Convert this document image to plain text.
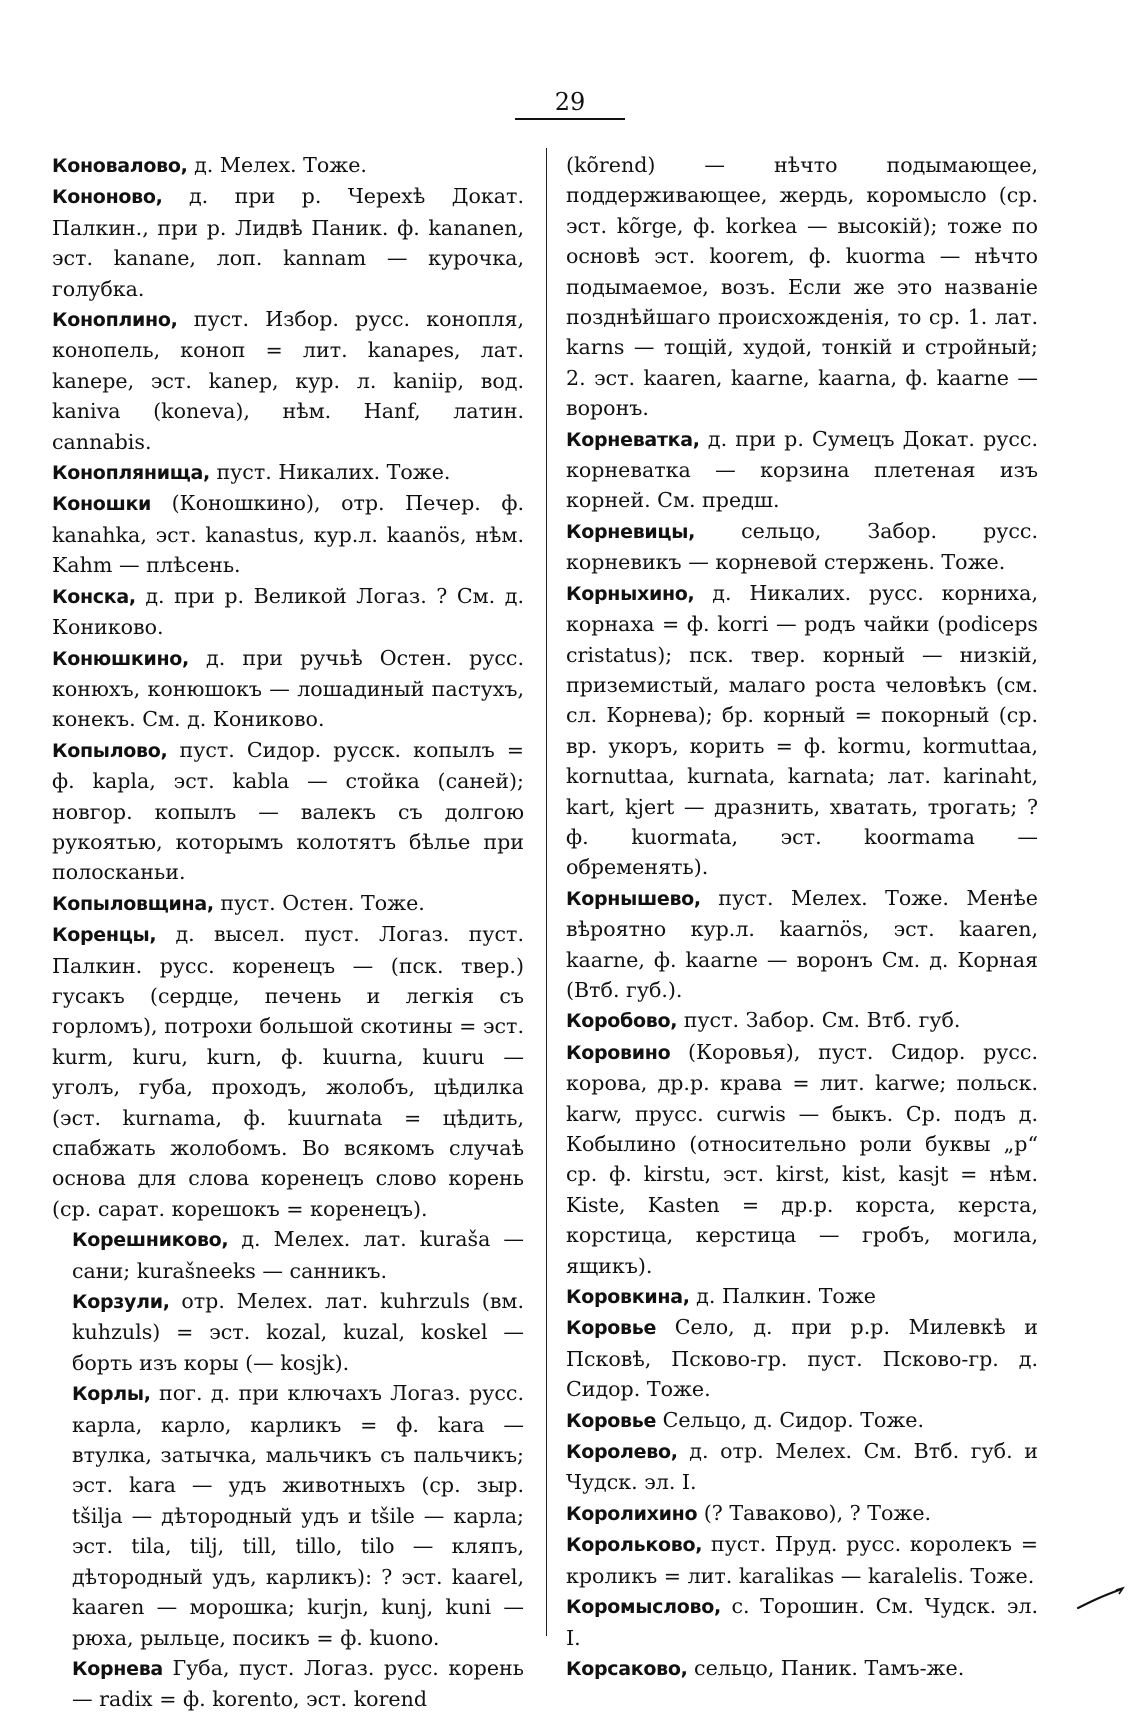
29

Коновалово, д. Мелех. Тоже.

Кононово, д. при р. Черехѣ Докат. Палкин., при р. Лидвѣ Паник. ф. kananen, эст. kanane, лоп. kannam — курочка, голубка.

Коноплино, пуст. Избор. русс. конопля, конопель, коноп = лит. kanapes, лат. kanepe, эст. kanep, кур. л. kaniip, вод. kaniva (koneva), нѣм. Hanf, латин. cannabis.

Коноплянища, пуст. Никалих. Тоже.

Коношки (Коношкино), отр. Печер. ф. kanahka, эст. kanastus, кур.л. kaanös, нѣм. Kahm — плѣсень.

Конска, д. при р. Великой Логаз. ? См. д. Кониково.

Конюшкино, д. при ручьѣ Остен. русс. конюхъ, конюшокъ — лошадиный пастухъ, конекъ. См. д. Кониково.

Копылово, пуст. Сидор. русск. копылъ = ф. kapla, эст. kabla — стойка (саней); новгор. копылъ — валекъ съ долгою рукоятью, которымъ колотятъ бѣлье при полосканьи.

Копыловщина, пуст. Остен. Тоже.

Коренцы, д. высел. пуст. Логаз. пуст. Палкин. русс. коренецъ — (пск. твер.) гусакъ (сердце, печень и легкія съ горломъ), потрохи большой скотины = эст. kurm, kuru, kurn, ф. kuurna, kuuru — уголъ, губа, проходъ, жолобъ, цѣдилка (эст. kurnama, ф. kuurnata = цѣдить, спабжать жолобомъ. Во всякомъ случаѣ основа для слова коренецъ слово корень (ср. сарат. корешокъ = коренецъ).

Корешниково, д. Мелех. лат. kuraša — сани; kurašneeks — санникъ.

Корзули, отр. Мелех. лат. kuhrzuls (вм. kuhzuls) = эст. kozal, kuzal, koskel — борть изъ коры (— kosjk).

Корлы, пог. д. при ключахъ Логаз. русс. карла, карло, карликъ = ф. kara — втулка, затычка, мальчикъ съ пальчикъ; эст. kara — удъ животныхъ (ср. зыр. tšilja — дѣтородный удъ и tšile — карла; эст. tila, tilj, till, tillo, tilo — кляпъ, дѣтородный удъ, карликъ): ? эст. kaarel, kaaren — морошка; kurjn, kunj, kuni — рюха, рыльце, посикъ = ф. kuono.

Корнева Губа, пуст. Логаз. русс. корень — radix = ф. korento, эст. korend

(kõrend) — нѣчто подымающее, поддерживающее, жердь, коромысло (ср. эст. kõrge, ф. korkea — высокій); тоже по основѣ эст. koorem, ф. kuorma — нѣчто подымаемое, возъ. Если же это названіе позднѣйшаго происхожденія, то ср. 1. лат. karns — тощій, худой, тонкій и стройный; 2. эст. kaaren, kaarne, kaarna, ф. kaarne — воронъ.

Корневатка, д. при р. Сумецъ Докат. русс. корневатка — корзина плетеная изъ корней. См. предш.

Корневицы, сельцо, Забор. русс. корневикъ — корневой стержень. Тоже.

Корныхино, д. Никалих. русс. корниха, корнаха = ф. korri — родъ чайки (podiceps cristatus); пск. твер. корный — низкій, приземистый, малаго роста человѣкъ (см. сл. Корнева); бр. корный = покорный (ср. вр. укоръ, корить = ф. kormu, kormuttaa, kornuttaa, kurnata, karnata; лат. karinaht, kart, kjert — дразнить, хватать, трогать; ? ф. kuormata, эст. koormama — обременять).

Корнышево, пуст. Мелех. Тоже. Менѣе вѣроятно кур.л. kaarnös, эст. kaaren, kaarne, ф. kaarne — воронъ См. д. Корная (Втб. губ.).

Коробово, пуст. Забор. См. Втб. губ.

Коровино (Коровья), пуст. Сидор. русс. корова, др.р. крава = лит. karwe; польск. karw, прусс. curwis — быкъ. Ср. подъ д. Кобылино (относительно роли буквы „р“ ср. ф. kirstu, эст. kirst, kist, kasjt = нѣм. Kiste, Kasten = др.р. корста, керста, корстица, керстица — гробъ, могила, ящикъ).

Коровкина, д. Палкин. Тоже

Коровье Село, д. при р.р. Милевкѣ и Псковѣ, Псково-гр. пуст. Псково-гр. д. Сидор. Тоже.

Коровье Сельцо, д. Сидор. Тоже.

Королево, д. отр. Мелех. См. Втб. губ. и Чудск. эл. I.

Королихино (? Таваково), ? Тоже.

Королькoво, пуст. Пруд. русс. королекъ = кроликъ = лит. karalikas — karalelis. Тоже.

Коромыслово, с. Торошин. См. Чудск. эл. I.

Корсаково, сельцо, Паник. Тамъ-же.
